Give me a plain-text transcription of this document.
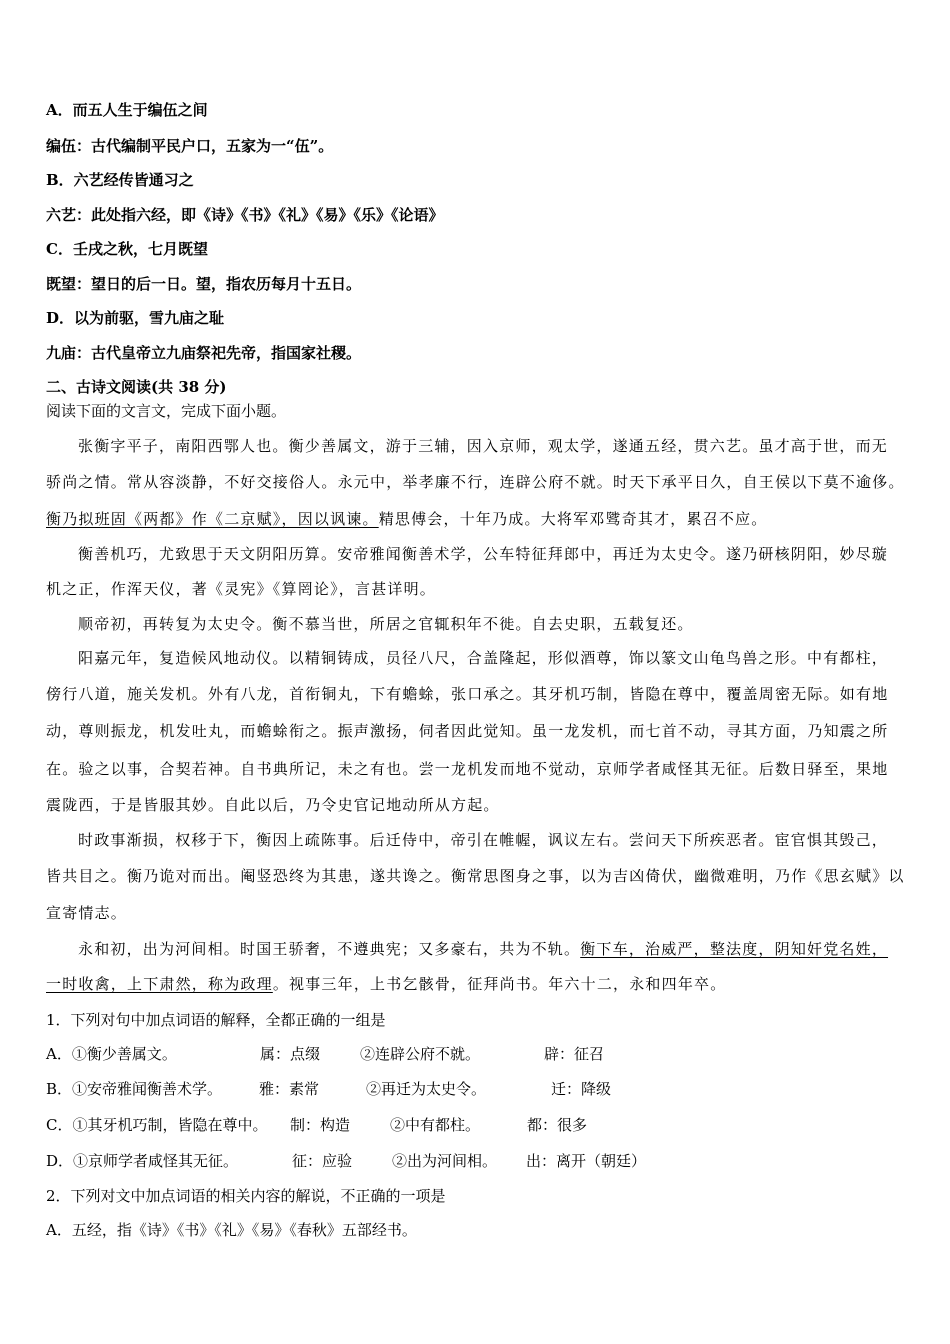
A．而五人生于编伍之间
编伍：古代编制平民户口，五家为一“伍”。
B．六艺经传皆通习之
六艺：此处指六经，即《诗》《书》《礼》《易》《乐》《论语》
C．壬戌之秋，七月既望
既望：望日的后一日。望，指农历每月十五日。
D．以为前驱，雪九庙之耻
九庙：古代皇帝立九庙祭祀先帝，指国家社稷。
二、古诗文阅读(共 38 分)
阅读下面的文言文，完成下面小题。
张衡字平子，南阳西鄂人也。衡少善属文，游于三辅，因入京师，观太学，遂通五经，贯六艺。虽才高于世，而无
骄尚之情。常从容淡静，不好交接俗人。永元中，举孝廉不行，连辟公府不就。时天下承平日久，自王侯以下莫不逾侈。
衡乃拟班固《两都》作《二京赋》，因以讽谏。精思傅会，十年乃成。大将军邓骘奇其才，累召不应。
衡善机巧，尤致思于天文阴阳历算。安帝雅闻衡善术学，公车特征拜郎中，再迁为太史令。遂乃研核阴阳，妙尽璇
机之正，作浑天仪，著《灵宪》《算罔论》，言甚详明。
顺帝初，再转复为太史令。衡不慕当世，所居之官辄积年不徙。自去史职，五载复还。
阳嘉元年，复造候风地动仪。以精铜铸成，员径八尺，合盖隆起，形似酒尊，饰以篆文山龟鸟兽之形。中有都柱，
傍行八道，施关发机。外有八龙，首衔铜丸，下有蟾蜍，张口承之。其牙机巧制，皆隐在尊中，覆盖周密无际。如有地
动，尊则振龙，机发吐丸，而蟾蜍衔之。振声激扬，伺者因此觉知。虽一龙发机，而七首不动，寻其方面，乃知震之所
在。验之以事，合契若神。自书典所记，未之有也。尝一龙机发而地不觉动，京师学者咸怪其无征。后数日驿至，果地
震陇西，于是皆服其妙。自此以后，乃令史官记地动所从方起。
时政事渐损，权移于下，衡因上疏陈事。后迁侍中，帝引在帷幄，讽议左右。尝问天下所疾恶者。宦官惧其毁己，
皆共目之。衡乃诡对而出。阉竖恐终为其患，遂共谗之。衡常思图身之事，以为吉凶倚伏，幽微难明，乃作《思玄赋》以
宣寄情志。
永和初，出为河间相。时国王骄奢，不遵典宪；又多豪右，共为不轨。衡下车，治威严，整法度，阴知奸党名姓，
一时收禽，上下肃然，称为政理。视事三年，上书乞骸骨，征拜尚书。年六十二，永和四年卒。
1．下列对句中加点词语的解释，全都正确的一组是
A．①衡少善属文。	属：点缀	②连辟公府不就。	辟：征召
B．①安帝雅闻衡善术学。 雅：素常	②再迁为太史令。	迁：降级
C．①其牙机巧制，皆隐在尊中。 制：构造	②中有都柱。	都：很多
D．①京师学者咸怪其无征。	征：应验	②出为河间相。 出：离开（朝廷）
2．下列对文中加点词语的相关内容的解说，不正确的一项是
A．五经，指《诗》《书》《礼》《易》《春秋》五部经书。
